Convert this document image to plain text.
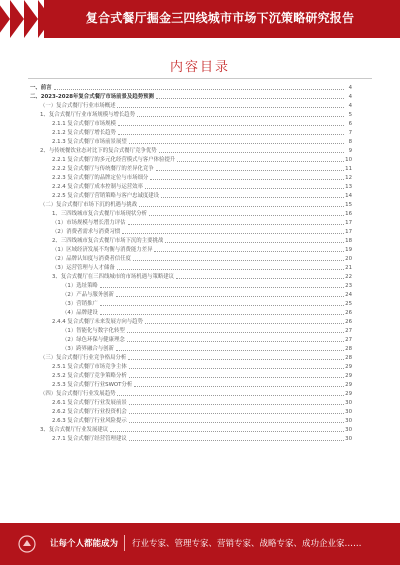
复合式餐厅掘金三四线城市市场下沉策略研究报告
内容目录
一、前言	4
二、2023-2028年复合式餐厅市场前景及趋势预测	4
（一）复合式餐厅行业市场概述	4
1、复合式餐厅行业市场规模与增长趋势	5
2.1.1 复合式餐厅市场规模	6
2.1.2 复合式餐厅增长趋势	7
2.1.3 复合式餐厅市场前景展望	8
2、与传统餐饮业态对比下的复合式餐厅竞争优势	9
2.2.1 复合式餐厅的多元化经营模式与客户体验提升	10
2.2.2 复合式餐厅与传统餐厅的差异化竞争	11
2.2.3 复合式餐厅的品牌定位与市场细分	12
2.2.4 复合式餐厅成本控制与运营效率	13
2.2.5 复合式餐厅营销策略与客户忠诚度建设	14
（二）复合式餐厅市场下沉的机遇与挑战	15
1、三四线城市复合式餐厅市场现状分析	16
（1）市场规模与增长潜力评估	17
（2）消费者需求与消费习惯	17
2、三四线城市复合式餐厅市场下沉的主要挑战	18
（1）区域经济发展不均衡与消费能力差异	19
（2）品牌认知度与消费者信任度	20
（3）运营管理与人才储备	21
3、复合式餐厅在三四线城市的市场机遇与策略建议	22
（1）选址策略	23
（2）产品与服务创新	24
（3）营销推广	25
（4）品牌建设	26
2.4.4 复合式餐厅未来发展方向与趋势	26
（1）智能化与数字化转型	27
（2）绿色环保与健康理念	27
（3）跨界融合与创新	28
（三）复合式餐厅行业竞争格局分析	28
2.5.1 复合式餐厅市场竞争主体	29
2.5.2 复合式餐厅竞争策略分析	29
2.5.3 复合式餐厅行业SWOT分析	29
（四）复合式餐厅行业发展趋势	29
2.6.1 复合式餐厅行业发展前景	30
2.6.2 复合式餐厅行业投资机会	30
2.6.3 复合式餐厅行业风险提示	30
3、复合式餐厅行业发展建议	30
2.7.1 复合式餐厅经营管理建议	30
让每个人都能成为 行业专家、管理专家、营销专家、战略专家、成功企业家……
